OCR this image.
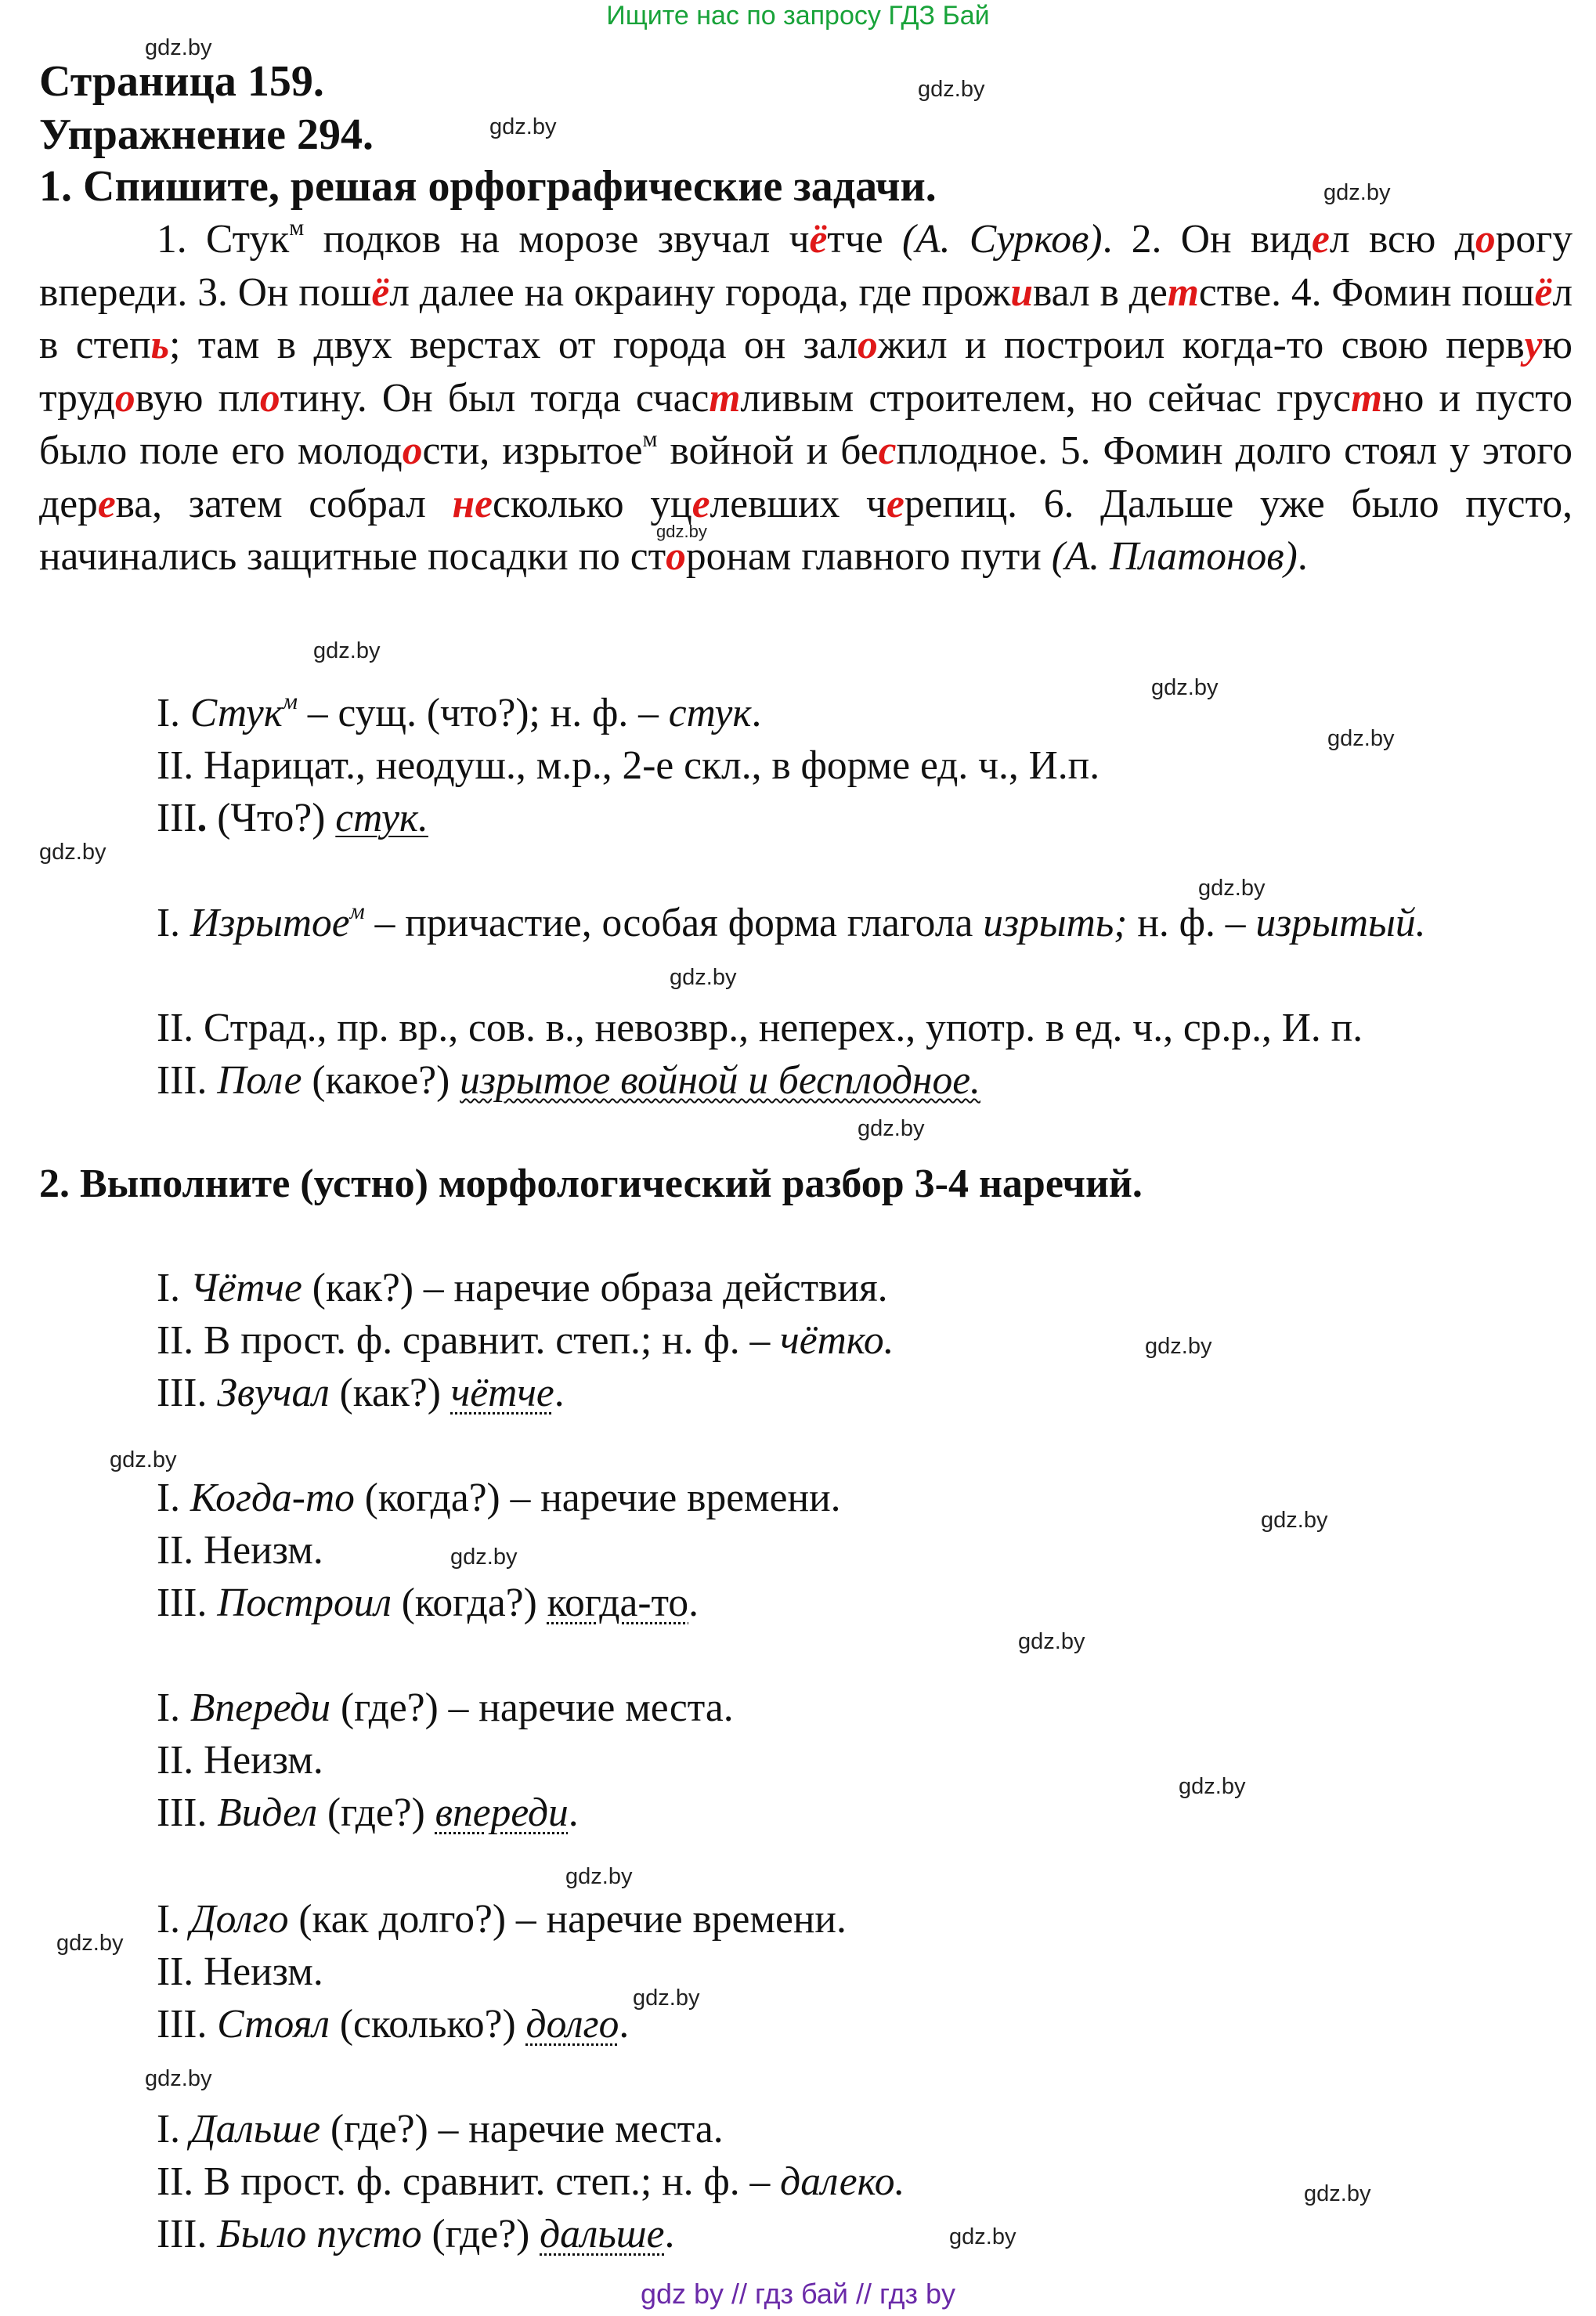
Ищите нас по запросу ГДЗ Бай
Страница 159.
Упражнение 294.
1. Спишите, решая орфографические задачи.
1. Стук$^м$ подков на морозе звучал чётче (А. Сурков). 2. Он видел всю дорогу впереди. 3. Он пошёл далее на окраину города, где проживал в детстве. 4. Фомин пошёл в степь; там в двух верстах от города он заложил и построил когда-то свою первую трудовую плотину. Он был тогда счастливым строителем, но сейчас грустно и пусто было поле его молодости, изрытое$^м$ войной и бесплодное. 5. Фомин долго стоял у этого дерева, затем собрал несколько уцелевших черепиц. 6. Дальше уже было пусто, начинались защитные посадки по сторонам главного пути (А. Платонов).
I. Стук$^м$ – сущ. (что?); н. ф. – стук.
II. Нарицат., неодуш., м.р., 2-е скл., в форме ед. ч., И.п.
III. (Что?) стук.
I. Изрытое$^м$ – причастие, особая форма глагола изрыть; н. ф. – изрытый.
II. Страд., пр. вр., сов. в., невозвр., неперех., употр. в ед. ч., ср.р., И. п.
III. Поле (какое?) изрытое войной и бесплодное.
2. Выполните (устно) морфологический разбор 3-4 наречий.
I. Чётче (как?) – наречие образа действия.
II. В прост. ф. сравнит. степ.; н. ф. – чётко.
III. Звучал (как?) чётче.
I. Когда-то (когда?) – наречие времени.
II. Неизм.
III. Построил (когда?) когда-то.
I. Впереди (где?) – наречие места.
II. Неизм.
III. Видел (где?) впереди.
I. Долго (как долго?) – наречие времени.
II. Неизм.
III. Стоял (сколько?) долго.
I. Дальше (где?) – наречие места.
II. В прост. ф. сравнит. степ.; н. ф. – далеко.
III. Было пусто (где?) дальше.
gdz.by
gdz.by
gdz.by
gdz.by
gdz.by
gdz.by
gdz.by
gdz.by
gdz.by
gdz.by
gdz.by
gdz.by
gdz.by
gdz.by
gdz.by
gdz.by
gdz.by
gdz.by
gdz.by
gdz.by
gdz.by
gdz.by
gdz.by
gdz.by
gdz by // гдз бай // гдз by
